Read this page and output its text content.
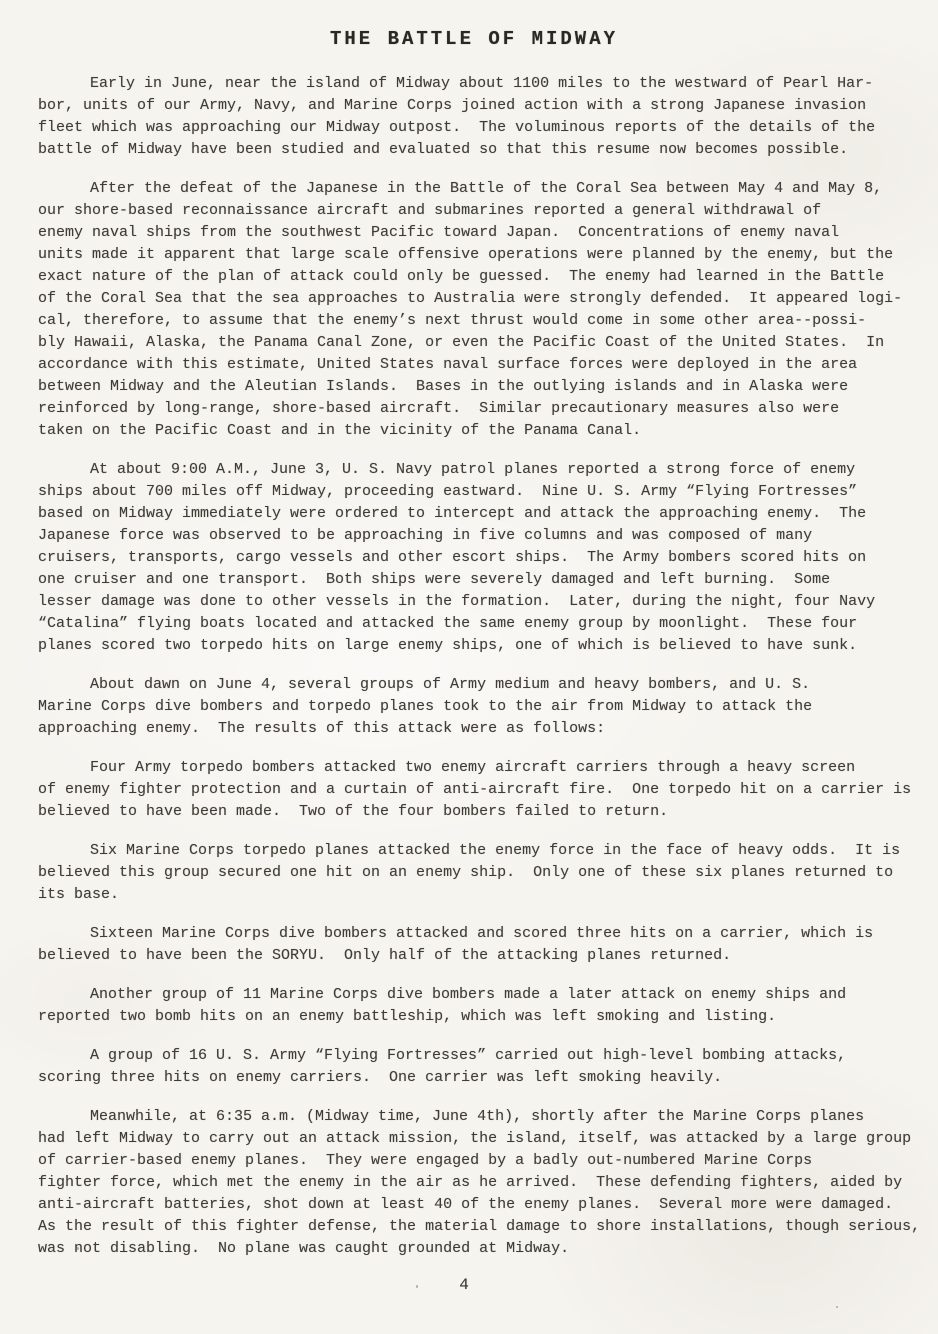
THE BATTLE OF MIDWAY
Early in June, near the island of Midway about 1100 miles to the westward of Pearl Har-
bor, units of our Army, Navy, and Marine Corps joined action with a strong Japanese invasion
fleet which was approaching our Midway outpost.  The voluminous reports of the details of the
battle of Midway have been studied and evaluated so that this resume now becomes possible.
After the defeat of the Japanese in the Battle of the Coral Sea between May 4 and May 8,
our shore-based reconnaissance aircraft and submarines reported a general withdrawal of
enemy naval ships from the southwest Pacific toward Japan.  Concentrations of enemy naval
units made it apparent that large scale offensive operations were planned by the enemy, but the
exact nature of the plan of attack could only be guessed.  The enemy had learned in the Battle
of the Coral Sea that the sea approaches to Australia were strongly defended.  It appeared logi-
cal, therefore, to assume that the enemy’s next thrust would come in some other area--possi-
bly Hawaii, Alaska, the Panama Canal Zone, or even the Pacific Coast of the United States.  In
accordance with this estimate, United States naval surface forces were deployed in the area
between Midway and the Aleutian Islands.  Bases in the outlying islands and in Alaska were
reinforced by long-range, shore-based aircraft.  Similar precautionary measures also were
taken on the Pacific Coast and in the vicinity of the Panama Canal.
At about 9:00 A.M., June 3, U. S. Navy patrol planes reported a strong force of enemy
ships about 700 miles off Midway, proceeding eastward.  Nine U. S. Army “Flying Fortresses”
based on Midway immediately were ordered to intercept and attack the approaching enemy.  The
Japanese force was observed to be approaching in five columns and was composed of many
cruisers, transports, cargo vessels and other escort ships.  The Army bombers scored hits on
one cruiser and one transport.  Both ships were severely damaged and left burning.  Some
lesser damage was done to other vessels in the formation.  Later, during the night, four Navy
“Catalina” flying boats located and attacked the same enemy group by moonlight.  These four
planes scored two torpedo hits on large enemy ships, one of which is believed to have sunk.
About dawn on June 4, several groups of Army medium and heavy bombers, and U. S.
Marine Corps dive bombers and torpedo planes took to the air from Midway to attack the
approaching enemy.  The results of this attack were as follows:
Four Army torpedo bombers attacked two enemy aircraft carriers through a heavy screen
of enemy fighter protection and a curtain of anti-aircraft fire.  One torpedo hit on a carrier is
believed to have been made.  Two of the four bombers failed to return.
Six Marine Corps torpedo planes attacked the enemy force in the face of heavy odds.  It is
believed this group secured one hit on an enemy ship.  Only one of these six planes returned to
its base.
Sixteen Marine Corps dive bombers attacked and scored three hits on a carrier, which is
believed to have been the SORYU.  Only half of the attacking planes returned.
Another group of 11 Marine Corps dive bombers made a later attack on enemy ships and
reported two bomb hits on an enemy battleship, which was left smoking and listing.
A group of 16 U. S. Army “Flying Fortresses” carried out high-level bombing attacks,
scoring three hits on enemy carriers.  One carrier was left smoking heavily.
Meanwhile, at 6:35 a.m. (Midway time, June 4th), shortly after the Marine Corps planes
had left Midway to carry out an attack mission, the island, itself, was attacked by a large group
of carrier-based enemy planes.  They were engaged by a badly out-numbered Marine Corps
fighter force, which met the enemy in the air as he arrived.  These defending fighters, aided by
anti-aircraft batteries, shot down at least 40 of the enemy planes.  Several more were damaged.
As the result of this fighter defense, the material damage to shore installations, though serious,
was not disabling.  No plane was caught grounded at Midway.
4
